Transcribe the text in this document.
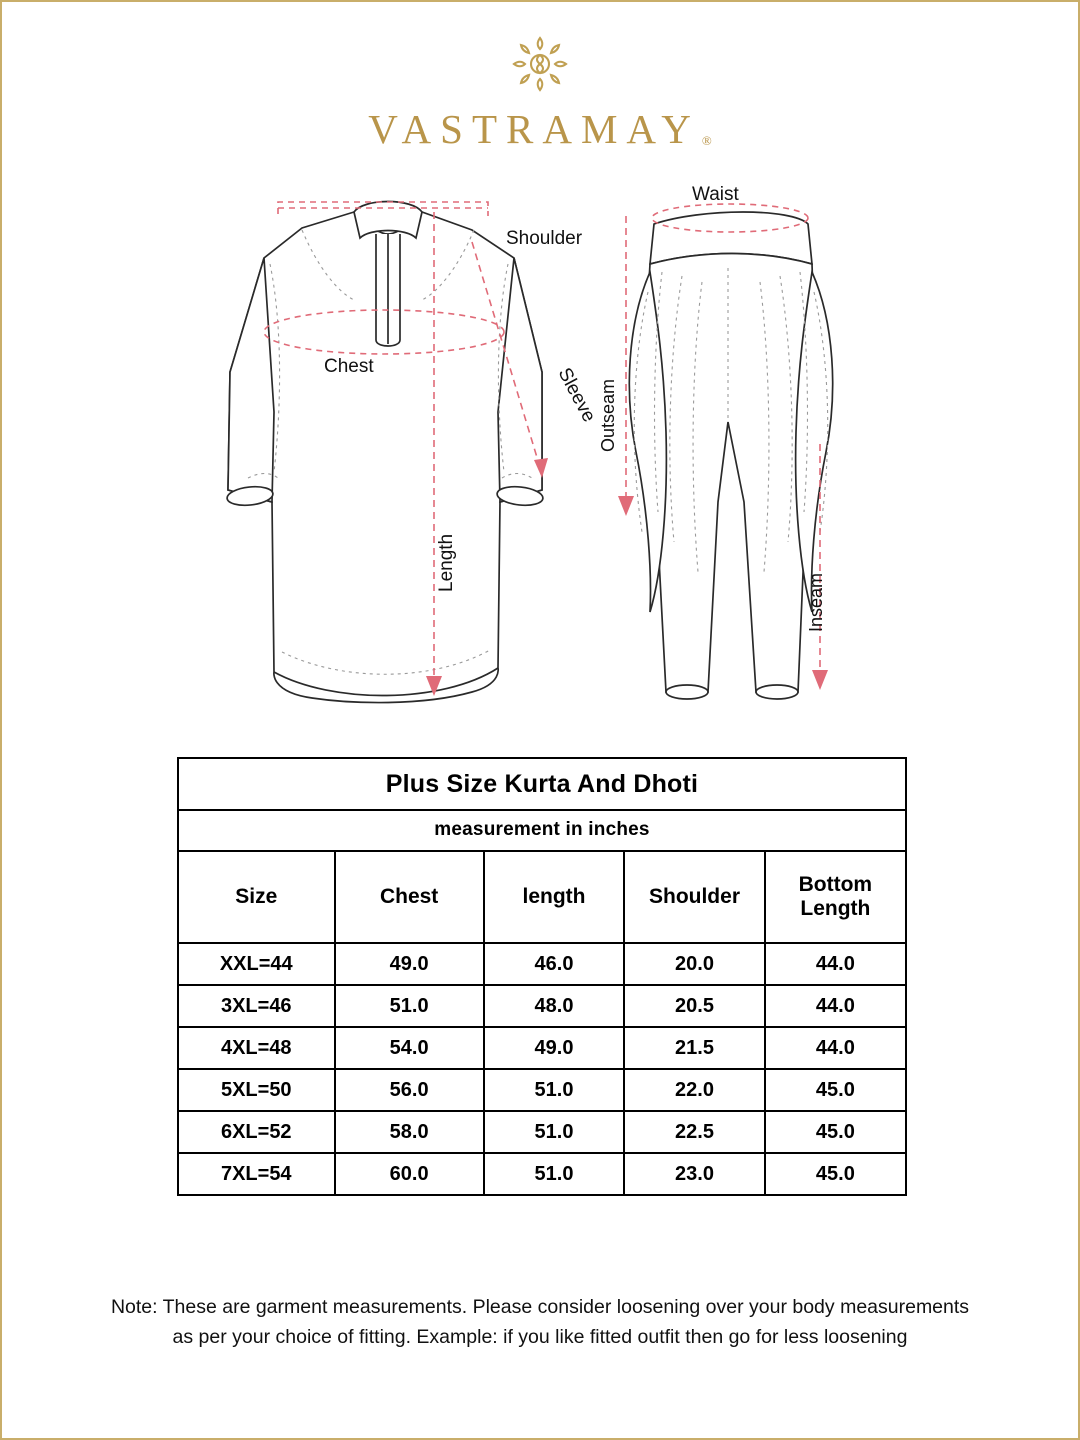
VASTRAMAY ®
Shoulder
Chest	Sleeve
Length
Waist
Outseam
Inseam
Plus Size Kurta And Dhoti				
measurement in inches				
Size	Chest	length	Shoulder	Bottom
Length
XXL=44	49.0	46.0	20.0	44.0
3XL=46	51.0	48.0	20.5	44.0
4XL=48	54.0	49.0	21.5	44.0
5XL=50	56.0	51.0	22.0	45.0
6XL=52	58.0	51.0	22.5	45.0
7XL=54	60.0	51.0	23.0	45.0
Note: These are garment measurements. Please consider loosening over your body measurements
as per your choice of fitting. Example: if you like fitted outfit then go for less loosening
